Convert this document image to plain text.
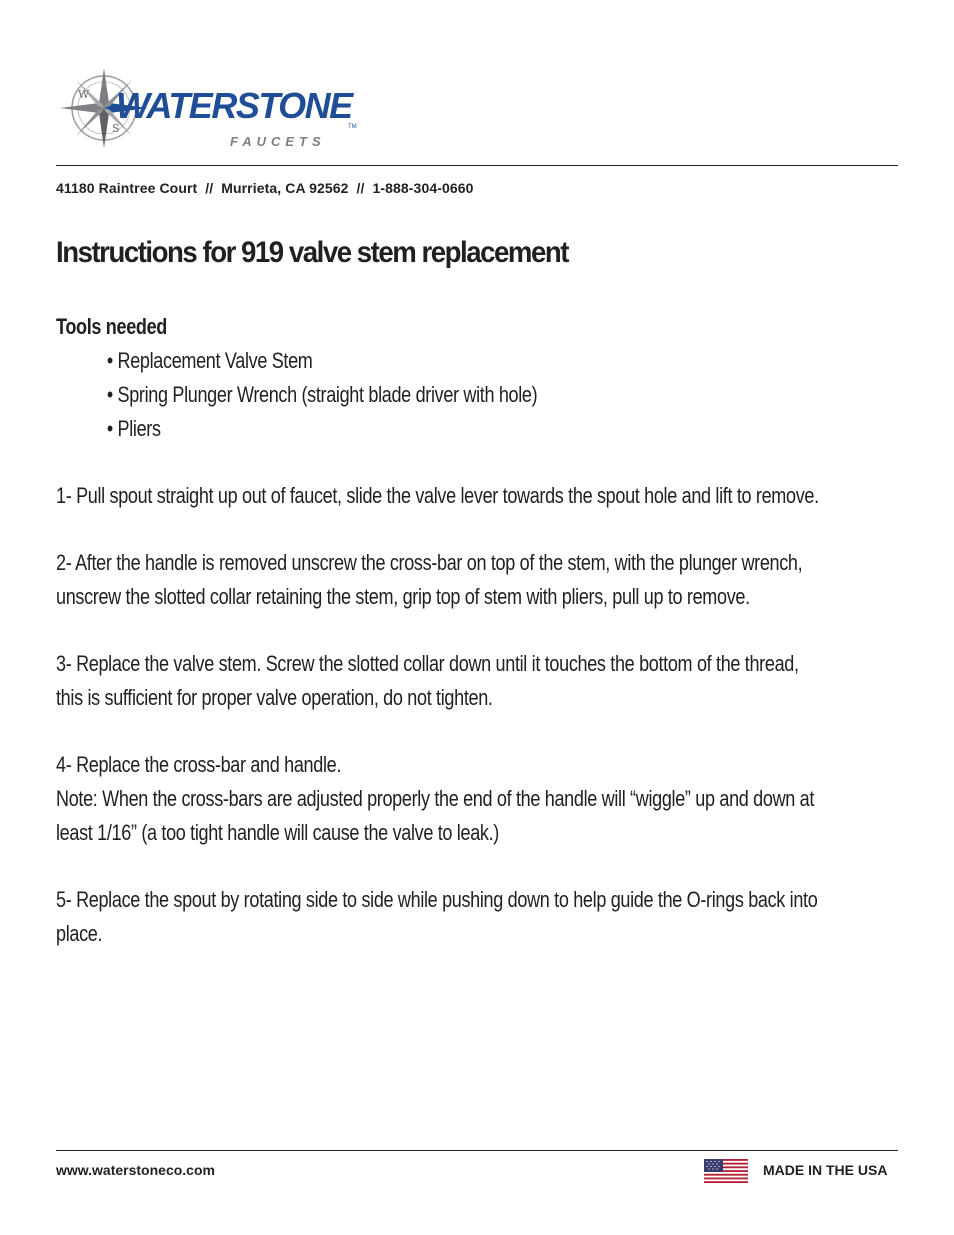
W
S
WATERSTONE
TM
FAUCETS
41180 Raintree Court  //  Murrieta, CA 92562  //  1-888-304-0660
Instructions for 919 valve stem replacement

Tools needed

• Replacement Valve Stem
• Spring Plunger Wrench (straight blade driver with hole)
• Pliers

1- Pull spout straight up out of faucet, slide the valve lever towards the spout hole and lift to remove.

2- After the handle is removed unscrew the cross-bar on top of the stem, with the plunger wrench, unscrew the slotted collar retaining the stem, grip top of stem with pliers, pull up to remove.

3- Replace the valve stem. Screw the slotted collar down until it touches the bottom of the thread, this is sufficient for proper valve operation, do not tighten.

4- Replace the cross-bar and handle.

Note: When the cross-bars are adjusted properly the end of the handle will “wiggle” up and down at least 1/16” (a too tight handle will cause the valve to leak.)

5- Replace the spout by rotating side to side while pushing down to help guide the O-rings back into place.

www.waterstoneco.com	MADE IN THE USA
